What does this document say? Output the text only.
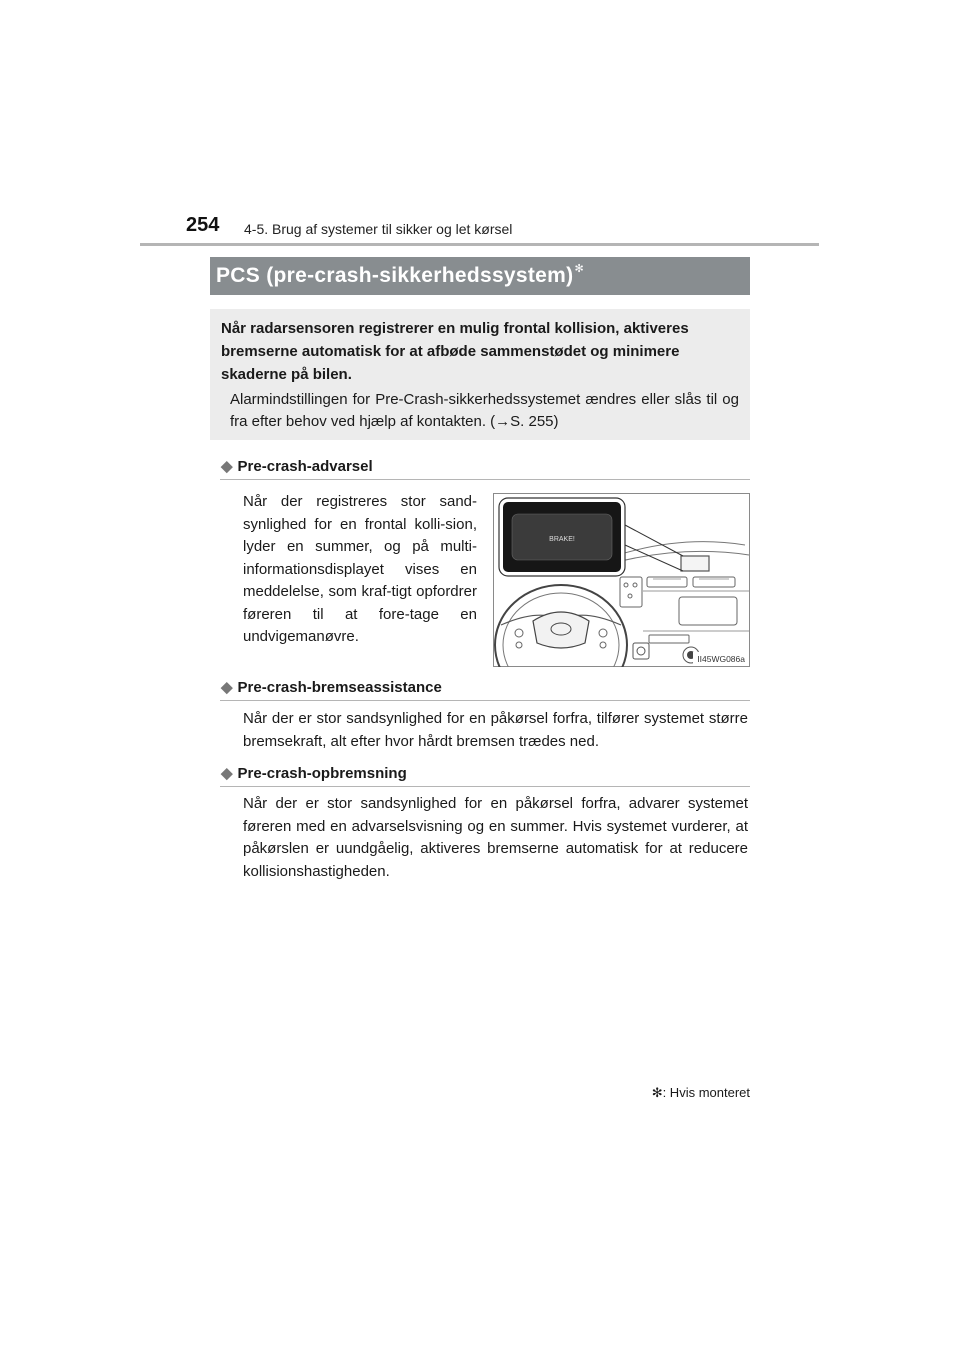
254 4-5. Brug af systemer til sikker og let kørsel
PCS (pre-crash-sikkerhedssystem)✻
Når radarsensoren registrerer en mulig frontal kollision, aktiveres bremserne automatisk for at afbøde sammenstødet og minimere skaderne på bilen.
Alarmindstillingen for Pre-Crash-sikkerhedssystemet ændres eller slås til og fra efter behov ved hjælp af kontakten. (→S. 255)
◆ Pre-crash-advarsel
Når der registreres stor sand-synlighed for en frontal kolli-sion, lyder en summer, og på multi-informationsdisplayet vises en meddelelse, som kraf-tigt opfordrer føreren til at fore-tage en undvigemanøvre.
BRAKE!
II45WG086a
◆ Pre-crash-bremseassistance
Når der er stor sandsynlighed for en påkørsel forfra, tilfører systemet større bremsekraft, alt efter hvor hårdt bremsen trædes ned.
◆ Pre-crash-opbremsning
Når der er stor sandsynlighed for en påkørsel forfra, advarer systemet føreren med en advarselsvisning og en summer. Hvis systemet vurderer, at påkørslen er uundgåelig, aktiveres bremserne automatisk for at reducere kollisionshastigheden.
✻: Hvis monteret
